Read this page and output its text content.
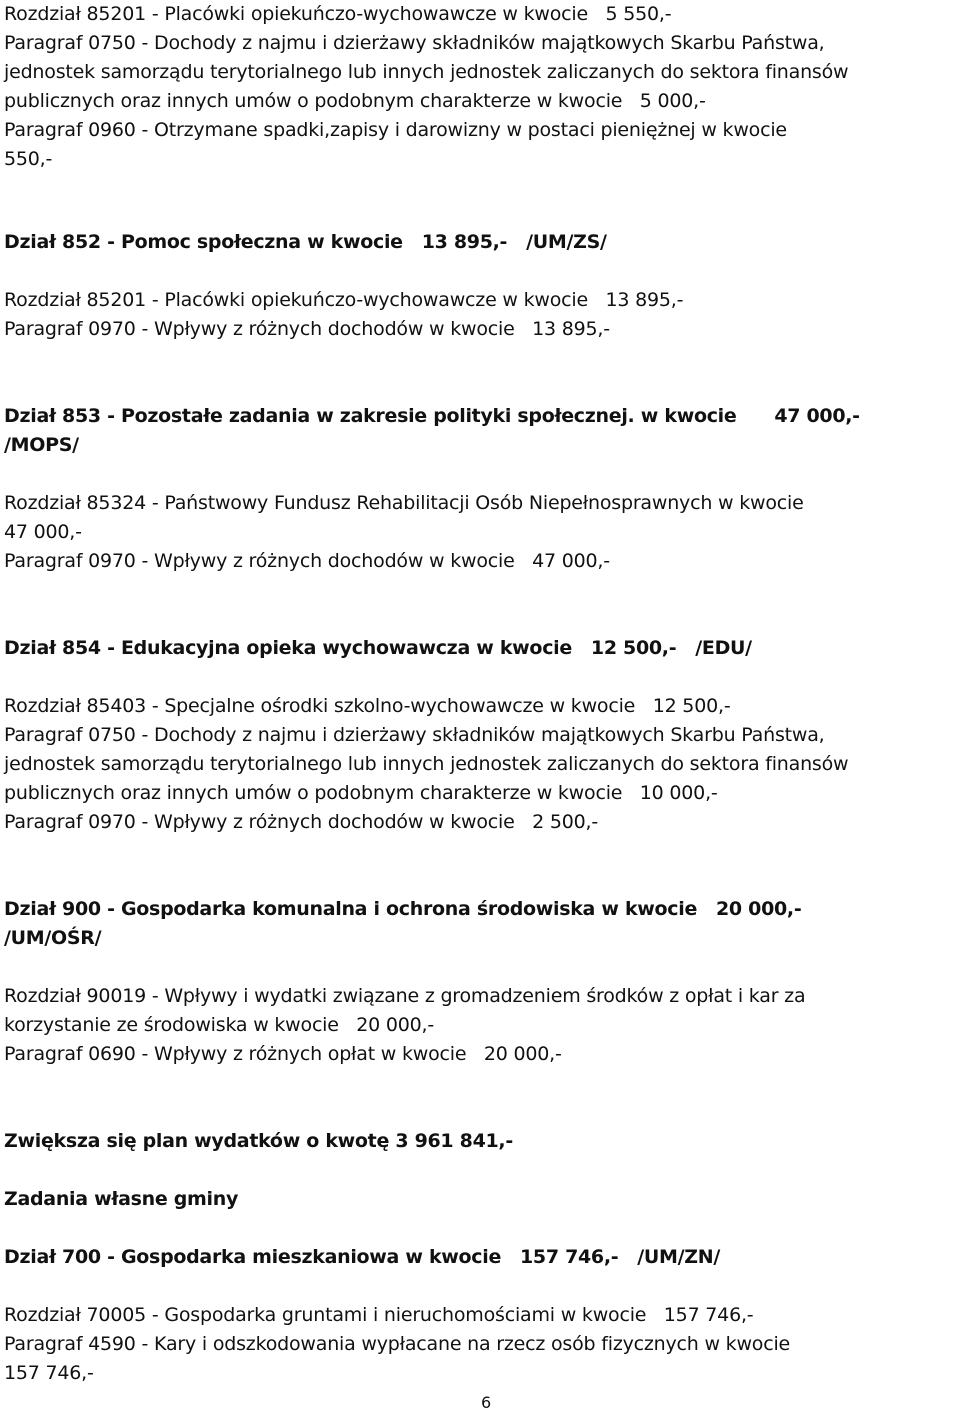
Rozdział 85201 - Placówki opiekuńczo-wychowawcze w kwocie   5 550,-
Paragraf 0750 - Dochody z najmu i dzierżawy składników majątkowych Skarbu Państwa,
jednostek samorządu terytorialnego lub innych jednostek zaliczanych do sektora finansów
publicznych oraz innych umów o podobnym charakterze w kwocie   5 000,-
Paragraf 0960 - Otrzymane spadki,zapisy i darowizny w postaci pieniężnej w kwocie
550,-
Dział 852 - Pomoc społeczna w kwocie   13 895,-   /UM/ZS/
Rozdział 85201 - Placówki opiekuńczo-wychowawcze w kwocie   13 895,-
Paragraf 0970 - Wpływy z różnych dochodów w kwocie   13 895,-
Dział 853 - Pozostałe zadania w zakresie polityki społecznej. w kwocie      47 000,-
/MOPS/
Rozdział 85324 - Państwowy Fundusz Rehabilitacji Osób Niepełnosprawnych w kwocie
47 000,-
Paragraf 0970 - Wpływy z różnych dochodów w kwocie   47 000,-
Dział 854 - Edukacyjna opieka wychowawcza w kwocie   12 500,-   /EDU/
Rozdział 85403 - Specjalne ośrodki szkolno-wychowawcze w kwocie   12 500,-
Paragraf 0750 - Dochody z najmu i dzierżawy składników majątkowych Skarbu Państwa,
jednostek samorządu terytorialnego lub innych jednostek zaliczanych do sektora finansów
publicznych oraz innych umów o podobnym charakterze w kwocie   10 000,-
Paragraf 0970 - Wpływy z różnych dochodów w kwocie   2 500,-
Dział 900 - Gospodarka komunalna i ochrona środowiska w kwocie   20 000,-
/UM/OŚR/
Rozdział 90019 - Wpływy i wydatki związane z gromadzeniem środków z opłat i kar za
korzystanie ze środowiska w kwocie   20 000,-
Paragraf 0690 - Wpływy z różnych opłat w kwocie   20 000,-
Zwiększa się plan wydatków o kwotę 3 961 841,-
Zadania własne gminy
Dział 700 - Gospodarka mieszkaniowa w kwocie   157 746,-   /UM/ZN/
Rozdział 70005 - Gospodarka gruntami i nieruchomościami w kwocie   157 746,-
Paragraf 4590 - Kary i odszkodowania wypłacane na rzecz osób fizycznych w kwocie
157 746,-
6
